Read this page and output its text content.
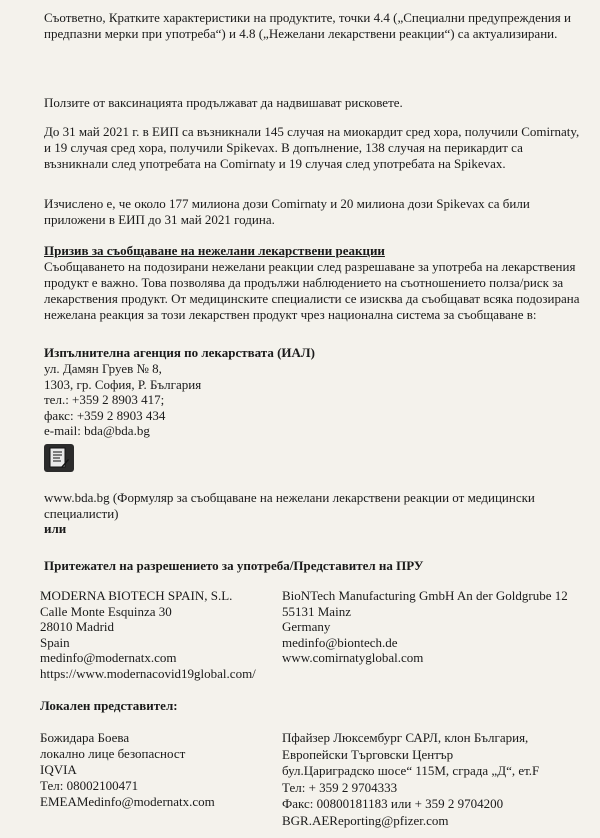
Съответно, Кратките характеристики на продуктите, точки 4.4 („Специални предупреждения и предпазни мерки при употреба“) и 4.8 („Нежелани лекарствени реакции“) са актуализирани.
Ползите от ваксинацията продължават да надвишават рисковете.
До 31 май 2021 г. в ЕИП са възникнали 145 случая на миокардит сред хора, получили Comirnaty, и 19 случая сред хора, получили Spikevax. В допълнение, 138 случая на перикардит са възникнали след употребата на Comirnaty и 19 случая след употребата на Spikevax.
Изчислено е, че около 177 милиона дози Comirnaty и 20 милиона дози Spikevax са били приложени в ЕИП до 31 май 2021 година.
Призив за съобщаване на нежелани лекарствени реакции
Съобщаването на подозирани нежелани реакции след разрешаване за употреба на лекарствения продукт е важно. Това позволява да продължи наблюдението на съотношението полза/риск за лекарствения продукт. От медицинските специалисти се изисква да съобщават всяка подозирана нежелана реакция за този лекарствен продукт чрез национална система за съобщаване в:
Изпълнителна агенция по лекарствата (ИАЛ)
ул. Дамян Груев № 8,
1303, гр. София, Р. България
тел.: +359 2 8903 417;
факс: +359 2 8903 434
e-mail: bda@bda.bg
www.bda.bg (Формуляр за съобщаване на нежелани лекарствени реакции от медицински специалисти)
или
Притежател на разрешението за употреба/Представител на ПРУ
MODERNA BIOTECH SPAIN, S.L.
Calle Monte Esquinza 30
28010 Madrid
Spain
medinfo@modernatx.com
https://www.modernacovid19global.com/
BioNTech Manufacturing GmbH An der Goldgrube 12
55131 Mainz
Germany
medinfo@biontech.de
www.comirnatyglobal.com
Локален представител:
Божидара Боева
локално лице безопасност
IQVIA
Тел: 08002100471
EMEAMedinfo@modernatx.com
Пфайзер Люксембург САРЛ, клон България,
Европейски Търговски Център
бул.Цариградско шосе“ 115М, сграда „Д“, ет.F
Тел: + 359 2 9704333
Факс: 00800181183 или + 359 2 9704200
BGR.AEReporting@pfizer.com
